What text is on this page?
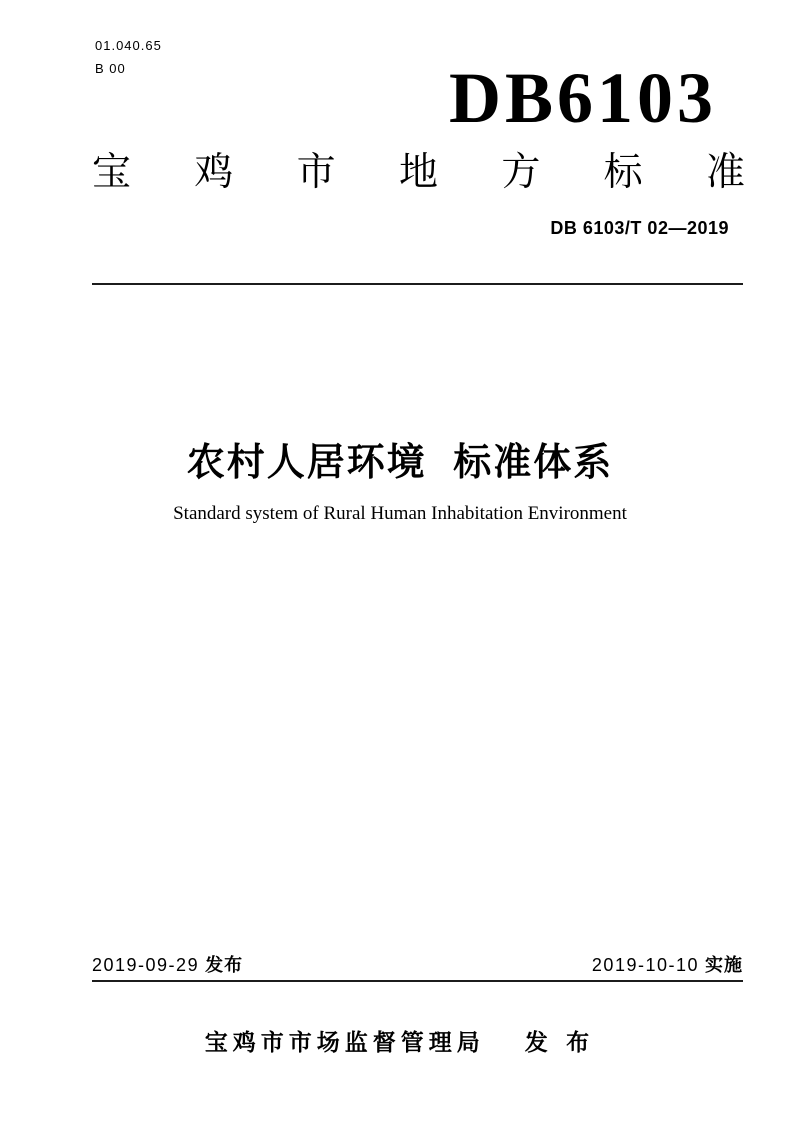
01.040.65
B 00	DB6103
宝 鸡 市 地 方 标 准
DB 6103/T 02—2019
农村人居环境 标准体系
Standard system of Rural Human Inhabitation Environment
2019-09-29 发布	2019-10-10 实施
宝鸡市市场监督管理局 发 布
